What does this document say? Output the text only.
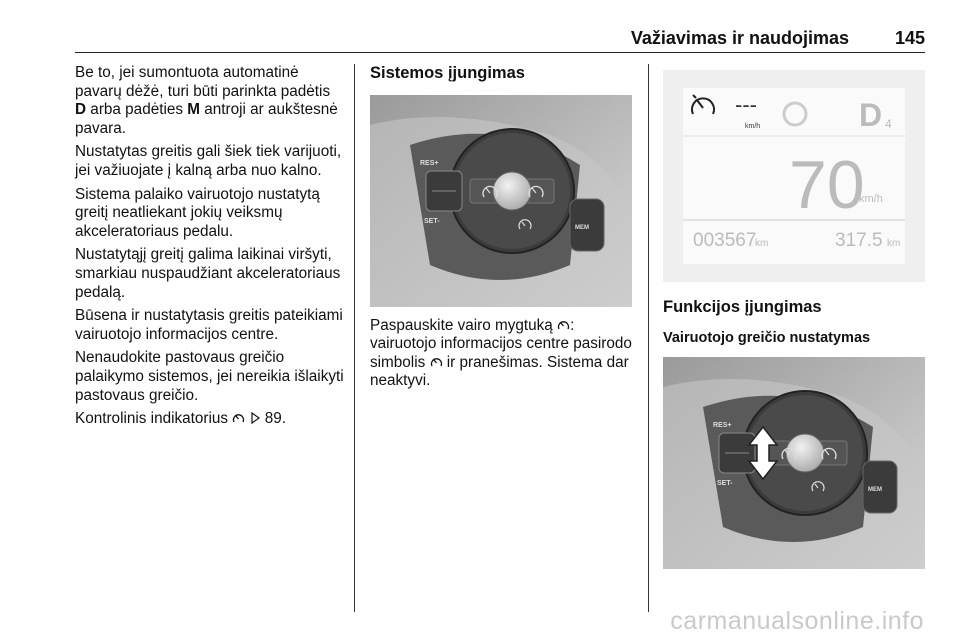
Važiavimas ir naudojimas	145

Be to, jei sumontuota automatinė pavarų dėžė, turi būti parinkta padėtis D arba padėties M antroji ar aukštesnė pavara.

Nustatytas greitis gali šiek tiek varijuoti, jei važiuojate į kalną arba nuo kalno.

Sistema palaiko vairuotojo nustatytą greitį neatliekant jokių veiksmų akceleratoriaus pedalu.

Nustatytąjį greitį galima laikinai viršyti, smarkiau nuspaudžiant akceleratoriaus pedalą.

Būsena ir nustatytasis greitis pateikiami vairuotojo informacijos centre.

Nenaudokite pastovaus greičio palaikymo sistemos, jei nereikia išlaikyti pastovaus greičio.

Kontrolinis indikatorius   89.

Sistemos įjungimas
RES+
SET-
MEM

Paspauskite vairo mygtuką : vairuotojo informacijos centre pasirodo simbolis  ir pranešimas. Sistema dar neaktyvi.

---
km/h	D 4
70
km/h
003567
km	317.5 km
Funkcijos įjungimas
Vairuotojo greičio nustatymas
RES+
SET-
MEM
carmanualsonline.info
